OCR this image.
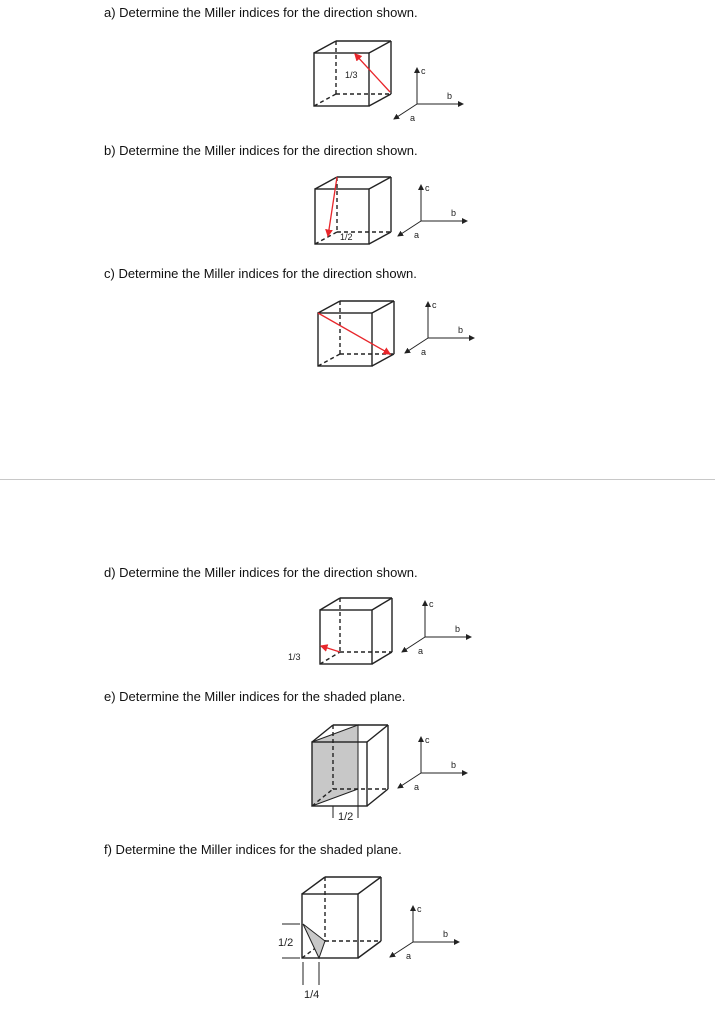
a) Determine the Miller indices for the direction shown.
b) Determine the Miller indices for the direction shown.
c) Determine the Miller indices for the direction shown.
d) Determine the Miller indices for the direction shown.
e) Determine the Miller indices for the shaded plane.
f) Determine the Miller indices for the shaded plane.
1/3	c
b
a
1/2
c
b
a
c
b
a
1/3
c
b
a
1/2
c
b
a
1/2
1/4
c
b
a
